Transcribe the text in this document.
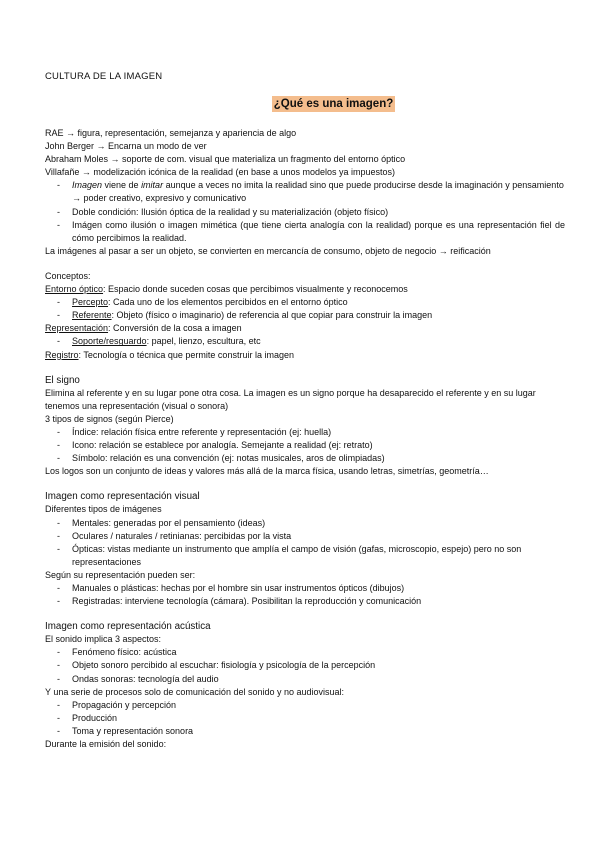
CULTURA DE LA IMAGEN
¿Qué es una imagen?
RAE → figura, representación, semejanza y apariencia de algo
John Berger → Encarna un modo de ver
Abraham Moles → soporte de com. visual que materializa un fragmento del entorno óptico
Villafañe → modelización icónica de la realidad (en base a unos modelos ya impuestos)
-	Imagen viene de imitar aunque a veces no imita la realidad sino que puede producirse desde la imaginación y pensamiento → poder creativo, expresivo y comunicativo
-	Doble condición: Ilusión óptica de la realidad y su materialización (objeto físico)
-	Imágen como ilusión o imagen mimética (que tiene cierta analogía con la realidad) porque es una representación fiel de cómo percibimos la realidad.
La imágenes al pasar a ser un objeto, se convierten en mercancía de consumo, objeto de negocio → reificación
Conceptos:
Entorno óptico: Espacio donde suceden cosas que percibimos visualmente y reconocemos
-	Percepto: Cada uno de los elementos percibidos en el entorno óptico
-	Referente: Objeto (físico o imaginario) de referencia al que copiar para construir la imagen
Representación: Conversión de la cosa a imagen
-	Soporte/resguardo: papel, lienzo, escultura, etc
Registro: Tecnología o técnica que permite construir la imagen
El signo
Elimina al referente y en su lugar pone otra cosa. La imagen es un signo porque ha desaparecido el referente y en su lugar tenemos una representación (visual o sonora)
3 tipos de signos (según Pierce)
-	Índice: relación física entre referente y representación (ej: huella)
-	Icono: relación se establece por analogía. Semejante a realidad (ej: retrato)
-	Símbolo: relación es una convención (ej: notas musicales, aros de olimpiadas)
Los logos son un conjunto de ideas y valores más allá de la marca física, usando letras, simetrías, geometría…
Imagen como representación visual
Diferentes tipos de imágenes
-	Mentales: generadas por el pensamiento (ideas)
-	Oculares / naturales / retinianas: percibidas por la vista
-	Ópticas: vistas mediante un instrumento que amplía el campo de visión (gafas, microscopio, espejo) pero no son representaciones
Según su representación pueden ser:
-	Manuales o plásticas: hechas por el hombre sin usar instrumentos ópticos (dibujos)
-	Registradas: interviene tecnología (cámara). Posibilitan la reproducción y comunicación
Imagen como representación acústica
El sonido implica 3 aspectos:
-	Fenómeno físico: acústica
-	Objeto sonoro percibido al escuchar: fisiología y psicología de la percepción
-	Ondas sonoras: tecnología del audio
Y una serie de procesos solo de comunicación del sonido y no audiovisual:
-	Propagación y percepción
-	Producción
-	Toma y representación sonora
Durante la emisión del sonido:
